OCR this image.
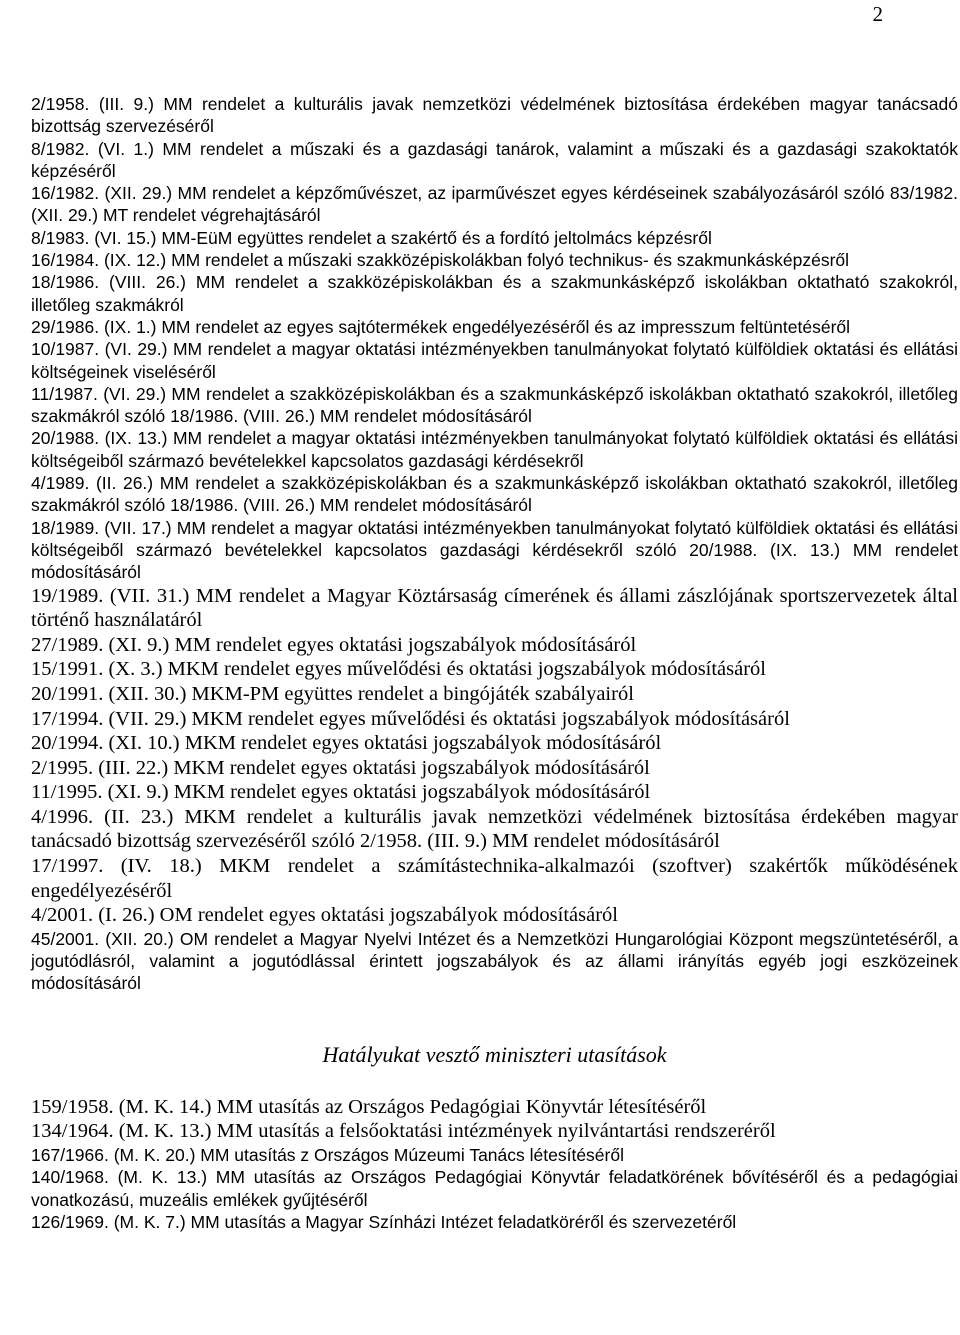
2

2/1958. (III. 9.) MM rendelet a kulturális javak nemzetközi védelmének biztosítása érdekében magyar tanácsadó bizottság szervezéséről

8/1982. (VI. 1.) MM rendelet a műszaki és a gazdasági tanárok, valamint a műszaki és a gazdasági szakoktatók képzéséről

16/1982. (XII. 29.) MM rendelet a képzőművészet, az iparművészet egyes kérdéseinek szabályozásáról szóló 83/1982. (XII. 29.) MT rendelet végrehajtásáról

8/1983. (VI. 15.) MM-EüM együttes rendelet a szakértő és a fordító jeltolmács képzésről

16/1984. (IX. 12.) MM rendelet a műszaki szakközépiskolákban folyó technikus- és szakmunkásképzésről

18/1986. (VIII. 26.) MM rendelet a szakközépiskolákban és a szakmunkásképző iskolákban oktatható szakokról, illetőleg szakmákról

29/1986. (IX. 1.) MM rendelet az egyes sajtótermékek engedélyezéséről és az impresszum feltüntetéséről

10/1987. (VI. 29.) MM rendelet a magyar oktatási intézményekben tanulmányokat folytató külföldiek oktatási és ellátási költségeinek viseléséről

11/1987. (VI. 29.) MM rendelet a szakközépiskolákban és a szakmunkásképző iskolákban oktatható szakokról, illetőleg szakmákról szóló 18/1986. (VIII. 26.) MM rendelet módosításáról

20/1988. (IX. 13.) MM rendelet a magyar oktatási intézményekben tanulmányokat folytató külföldiek oktatási és ellátási költségeiből származó bevételekkel kapcsolatos gazdasági kérdésekről

4/1989. (II. 26.) MM rendelet a szakközépiskolákban és a szakmunkásképző iskolákban oktatható szakokról, illetőleg szakmákról szóló 18/1986. (VIII. 26.) MM rendelet módosításáról

18/1989. (VII. 17.) MM rendelet a magyar oktatási intézményekben tanulmányokat folytató külföldiek oktatási és ellátási költségeiből származó bevételekkel kapcsolatos gazdasági kérdésekről szóló 20/1988. (IX. 13.) MM rendelet módosításáról

19/1989. (VII. 31.) MM rendelet a Magyar Köztársaság címerének és állami zászlójának sportszervezetek által történő használatáról

27/1989. (XI. 9.) MM rendelet egyes oktatási jogszabályok módosításáról

15/1991. (X. 3.) MKM rendelet egyes művelődési és oktatási jogszabályok módosításáról

20/1991. (XII. 30.) MKM-PM együttes rendelet a bingójáték szabályairól

17/1994. (VII. 29.) MKM rendelet egyes művelődési és oktatási jogszabályok módosításáról

20/1994. (XI. 10.) MKM rendelet egyes oktatási jogszabályok módosításáról

2/1995. (III. 22.) MKM rendelet egyes oktatási jogszabályok módosításáról

11/1995. (XI. 9.) MKM rendelet egyes oktatási jogszabályok módosításáról

4/1996. (II. 23.) MKM rendelet a kulturális javak nemzetközi védelmének biztosítása érdekében magyar tanácsadó bizottság szervezéséről szóló 2/1958. (III. 9.) MM rendelet módosításáról

17/1997. (IV. 18.) MKM rendelet a számítástechnika-alkalmazói (szoftver) szakértők működésének engedélyezéséről

4/2001. (I. 26.) OM rendelet egyes oktatási jogszabályok módosításáról

45/2001. (XII. 20.) OM rendelet a Magyar Nyelvi Intézet és a Nemzetközi Hungarológiai Központ megszüntetéséről, a jogutódlásról, valamint a jogutódlással érintett jogszabályok és az állami irányítás egyéb jogi eszközeinek módosításáról

Hatályukat vesztő miniszteri utasítások

159/1958. (M. K. 14.) MM utasítás az Országos Pedagógiai Könyvtár létesítéséről

134/1964. (M. K. 13.) MM utasítás a felsőoktatási intézmények nyilvántartási rendszeréről

167/1966. (M. K. 20.) MM utasítás z Országos Múzeumi Tanács létesítéséről

140/1968. (M. K. 13.) MM utasítás az Országos Pedagógiai Könyvtár feladatkörének bővítéséről és a pedagógiai vonatkozású, muzeális emlékek gyűjtéséről

126/1969. (M. K. 7.) MM utasítás a Magyar Színházi Intézet feladatköréről és szervezetéről
